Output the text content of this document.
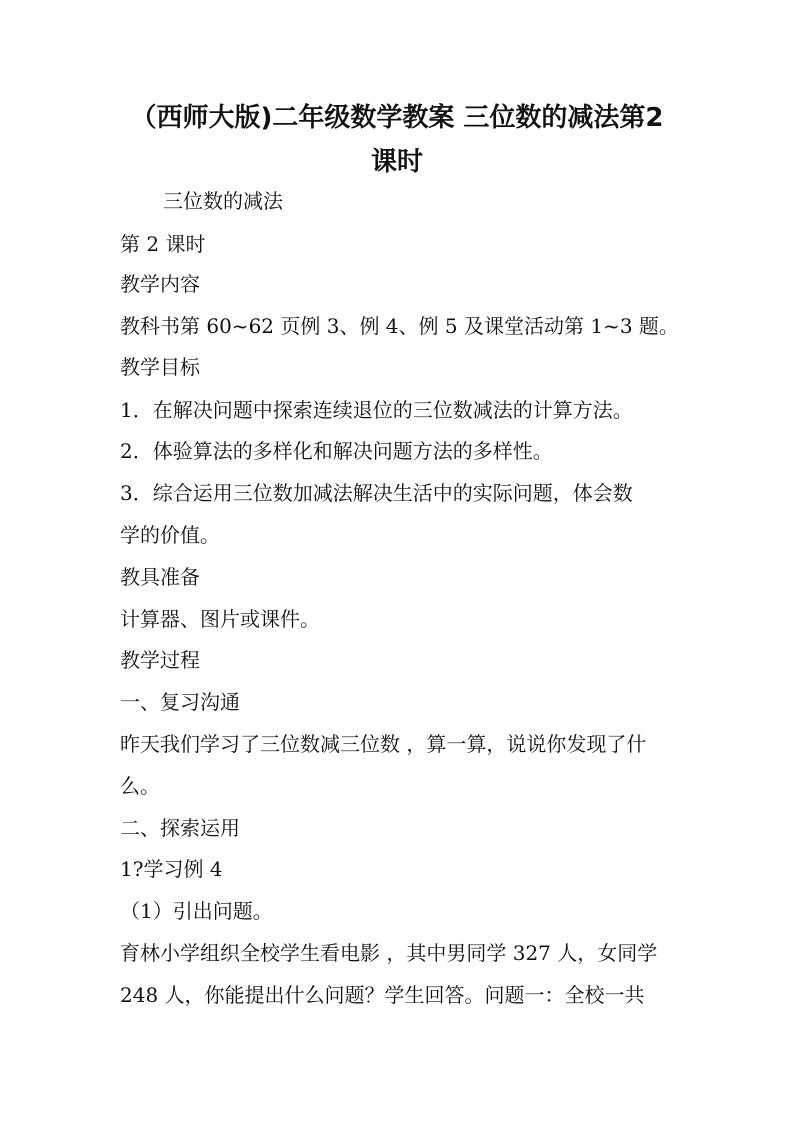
（西师大版)二年级数学教案 三位数的减法第2
课时

三位数的减法

第 2 课时

教学内容

教科书第 60~62 页例 3、例 4、例 5 及课堂活动第 1~3 题。

教学目标

1．在解决问题中探索连续退位的三位数减法的计算方法。

2．体验算法的多样化和解决问题方法的多样性。

3．综合运用三位数加减法解决生活中的实际问题，体会数

学的价值。

教具准备

计算器、图片或课件。

教学过程

一、复习沟通

昨天我们学习了三位数减三位数 ，算一算，说说你发现了什

么。

二、探索运用

1?学习例 4

（1）引出问题。

育林小学组织全校学生看电影 ，其中男同学 327 人，女同学

248 人，你能提出什么问题？学生回答。问题一：全校一共
